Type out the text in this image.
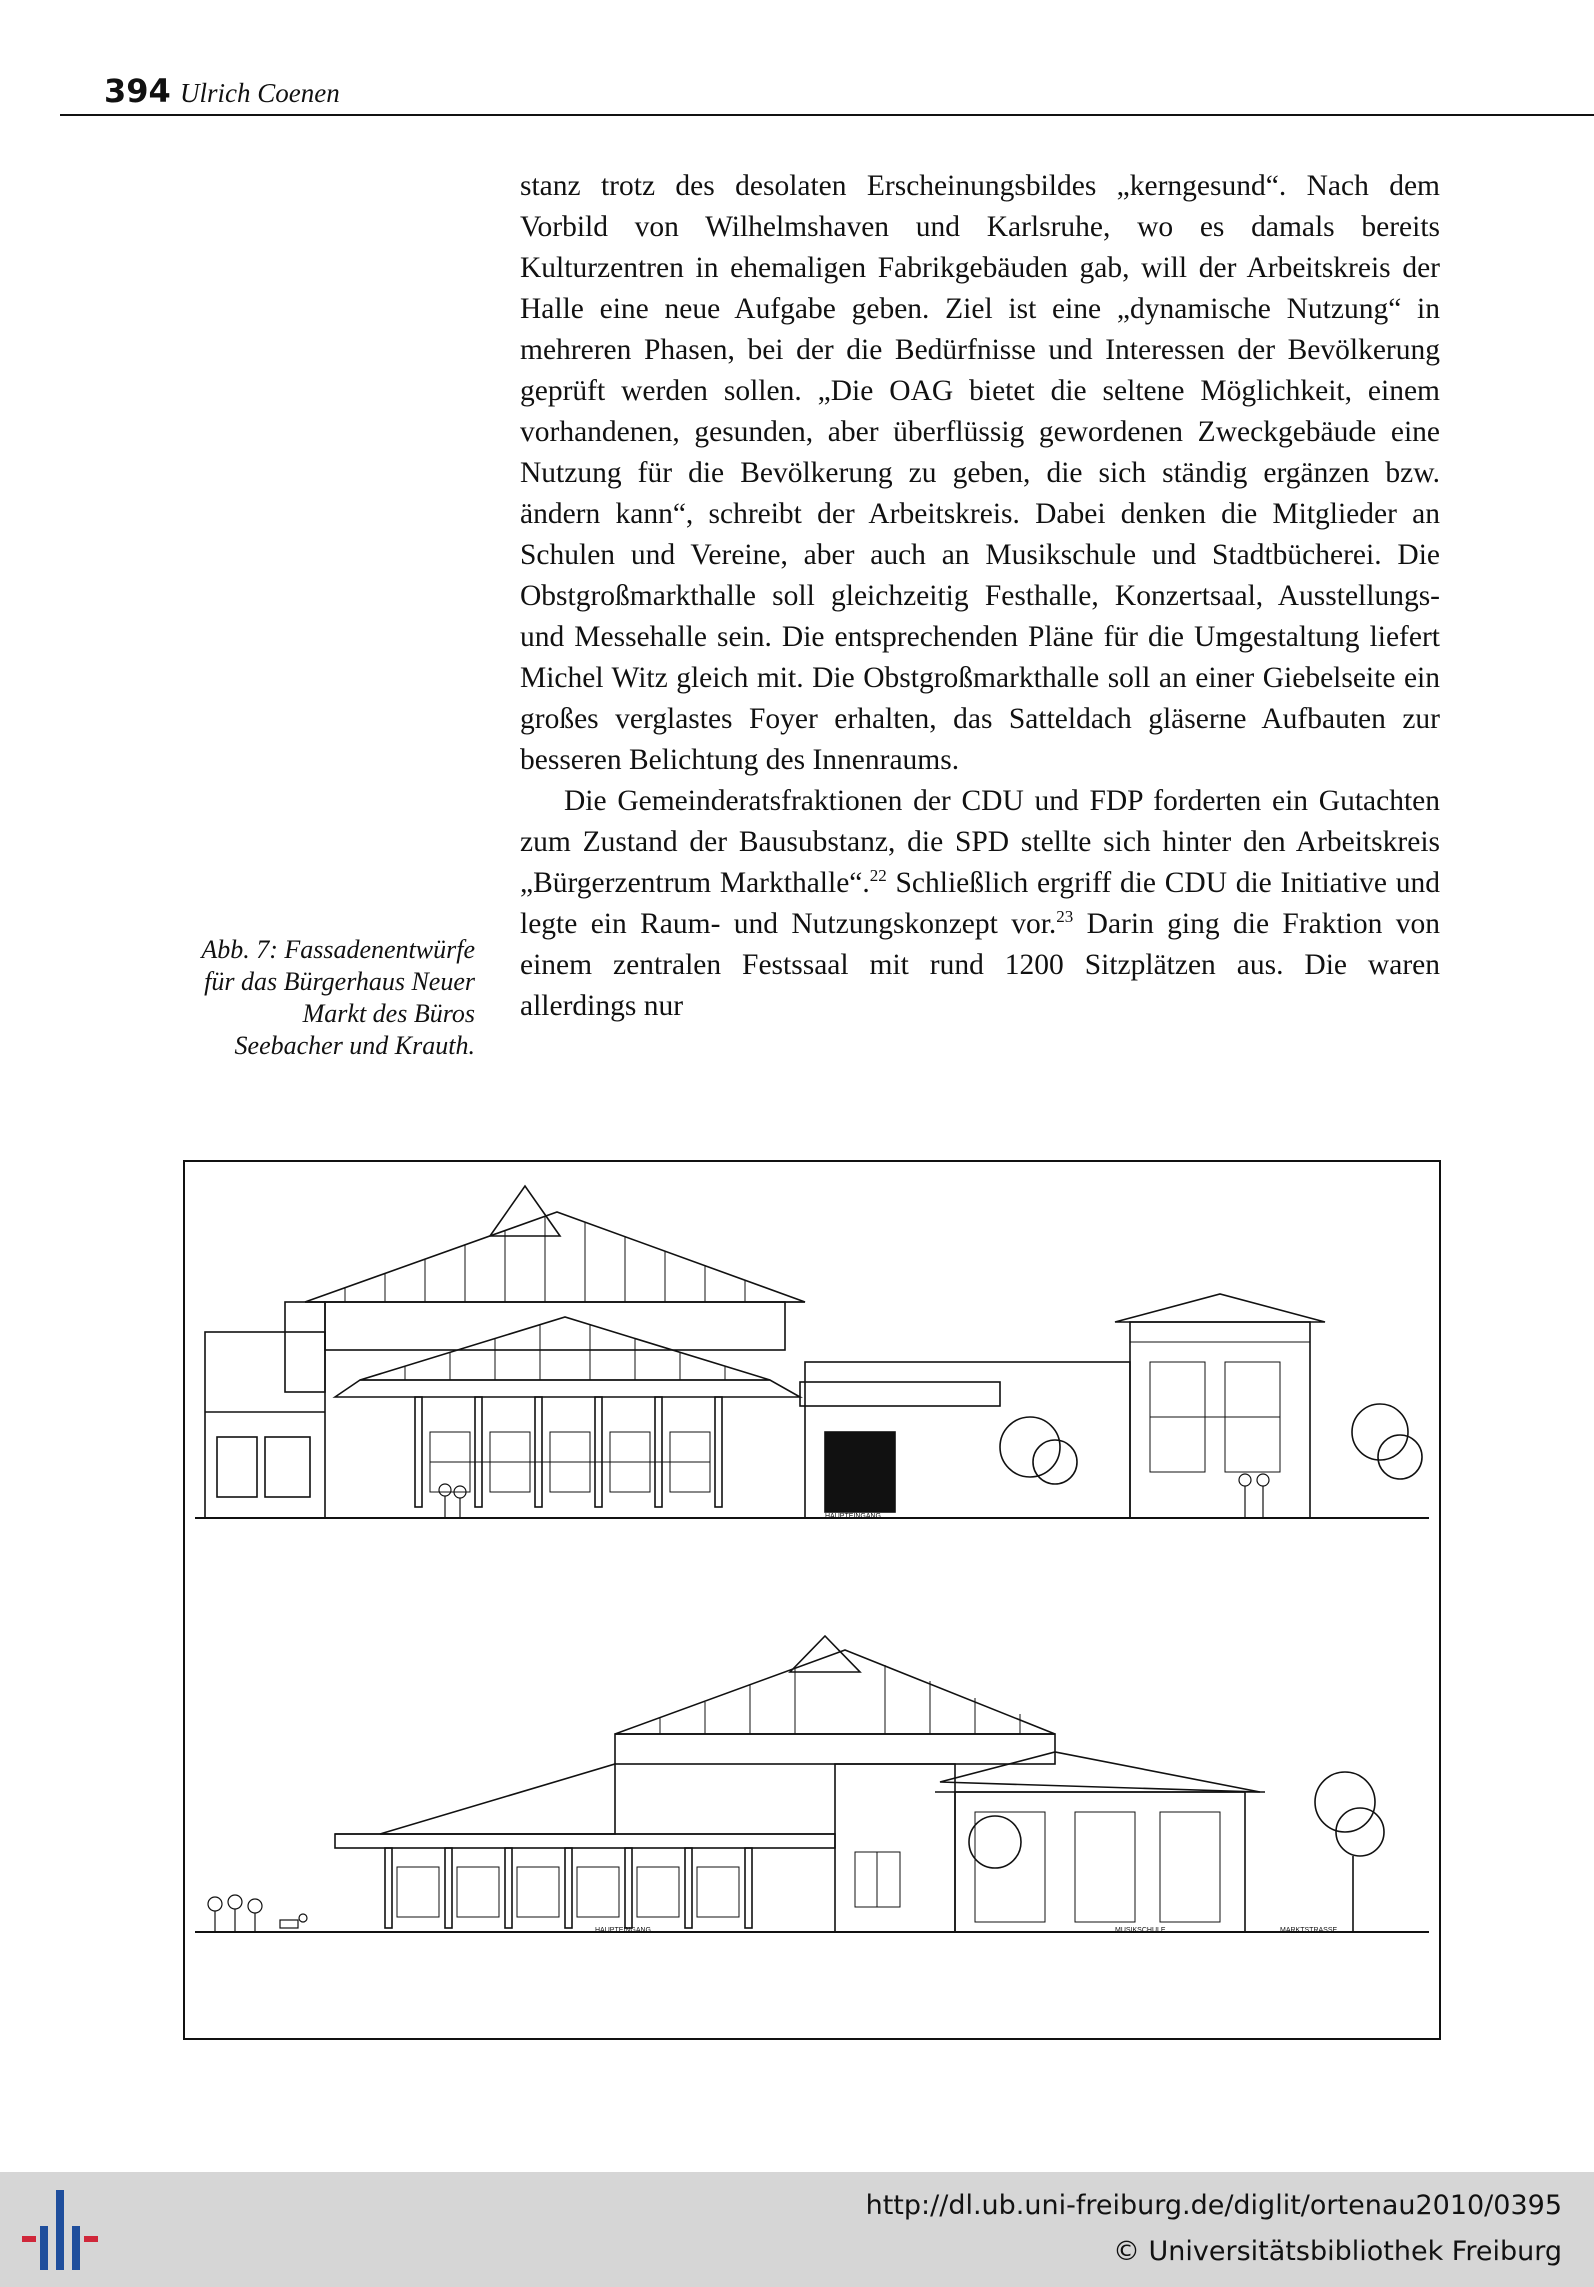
394 Ulrich Coenen

stanz trotz des desolaten Erscheinungsbildes „kerngesund“. Nach dem Vorbild von Wilhelmshaven und Karlsruhe, wo es damals bereits Kulturzentren in ehemaligen Fabrikgebäuden gab, will der Arbeitskreis der Halle eine neue Aufgabe geben. Ziel ist eine „dynamische Nutzung“ in mehreren Phasen, bei der die Bedürfnisse und Interessen der Bevölkerung geprüft werden sollen. „Die OAG bietet die seltene Möglichkeit, einem vorhandenen, gesunden, aber überflüssig gewordenen Zweckgebäude eine Nutzung für die Bevölkerung zu geben, die sich ständig ergänzen bzw. ändern kann“, schreibt der Arbeitskreis. Dabei denken die Mitglieder an Schulen und Vereine, aber auch an Musikschule und Stadtbücherei. Die Obstgroßmarkthalle soll gleichzeitig Festhalle, Konzertsaal, Ausstellungs- und Messehalle sein. Die entsprechenden Pläne für die Umgestaltung liefert Michel Witz gleich mit. Die Obstgroßmarkthalle soll an einer Giebelseite ein großes verglastes Foyer erhalten, das Satteldach gläserne Aufbauten zur besseren Belichtung des Innenraums.

Die Gemeinderatsfraktionen der CDU und FDP forderten ein Gutachten zum Zustand der Bausubstanz, die SPD stellte sich hinter den Arbeitskreis „Bürgerzentrum Markthalle“.$^{22}$ Schließlich ergriff die CDU die Initiative und legte ein Raum- und Nutzungskonzept vor.$^{23}$ Darin ging die Fraktion von einem zentralen Festssaal mit rund 1200 Sitzplätzen aus. Die waren allerdings nur

Abb. 7: Fassadenentwürfe für das Bürgerhaus Neuer Markt des Büros Seebacher und Krauth.
HAUPTEINGANG
HAUPTEINGANG	MUSIKSCHULE	MARKTSTRASSE
http://dl.ub.uni-freiburg.de/diglit/ortenau2010/0395
© Universitätsbibliothek Freiburg
